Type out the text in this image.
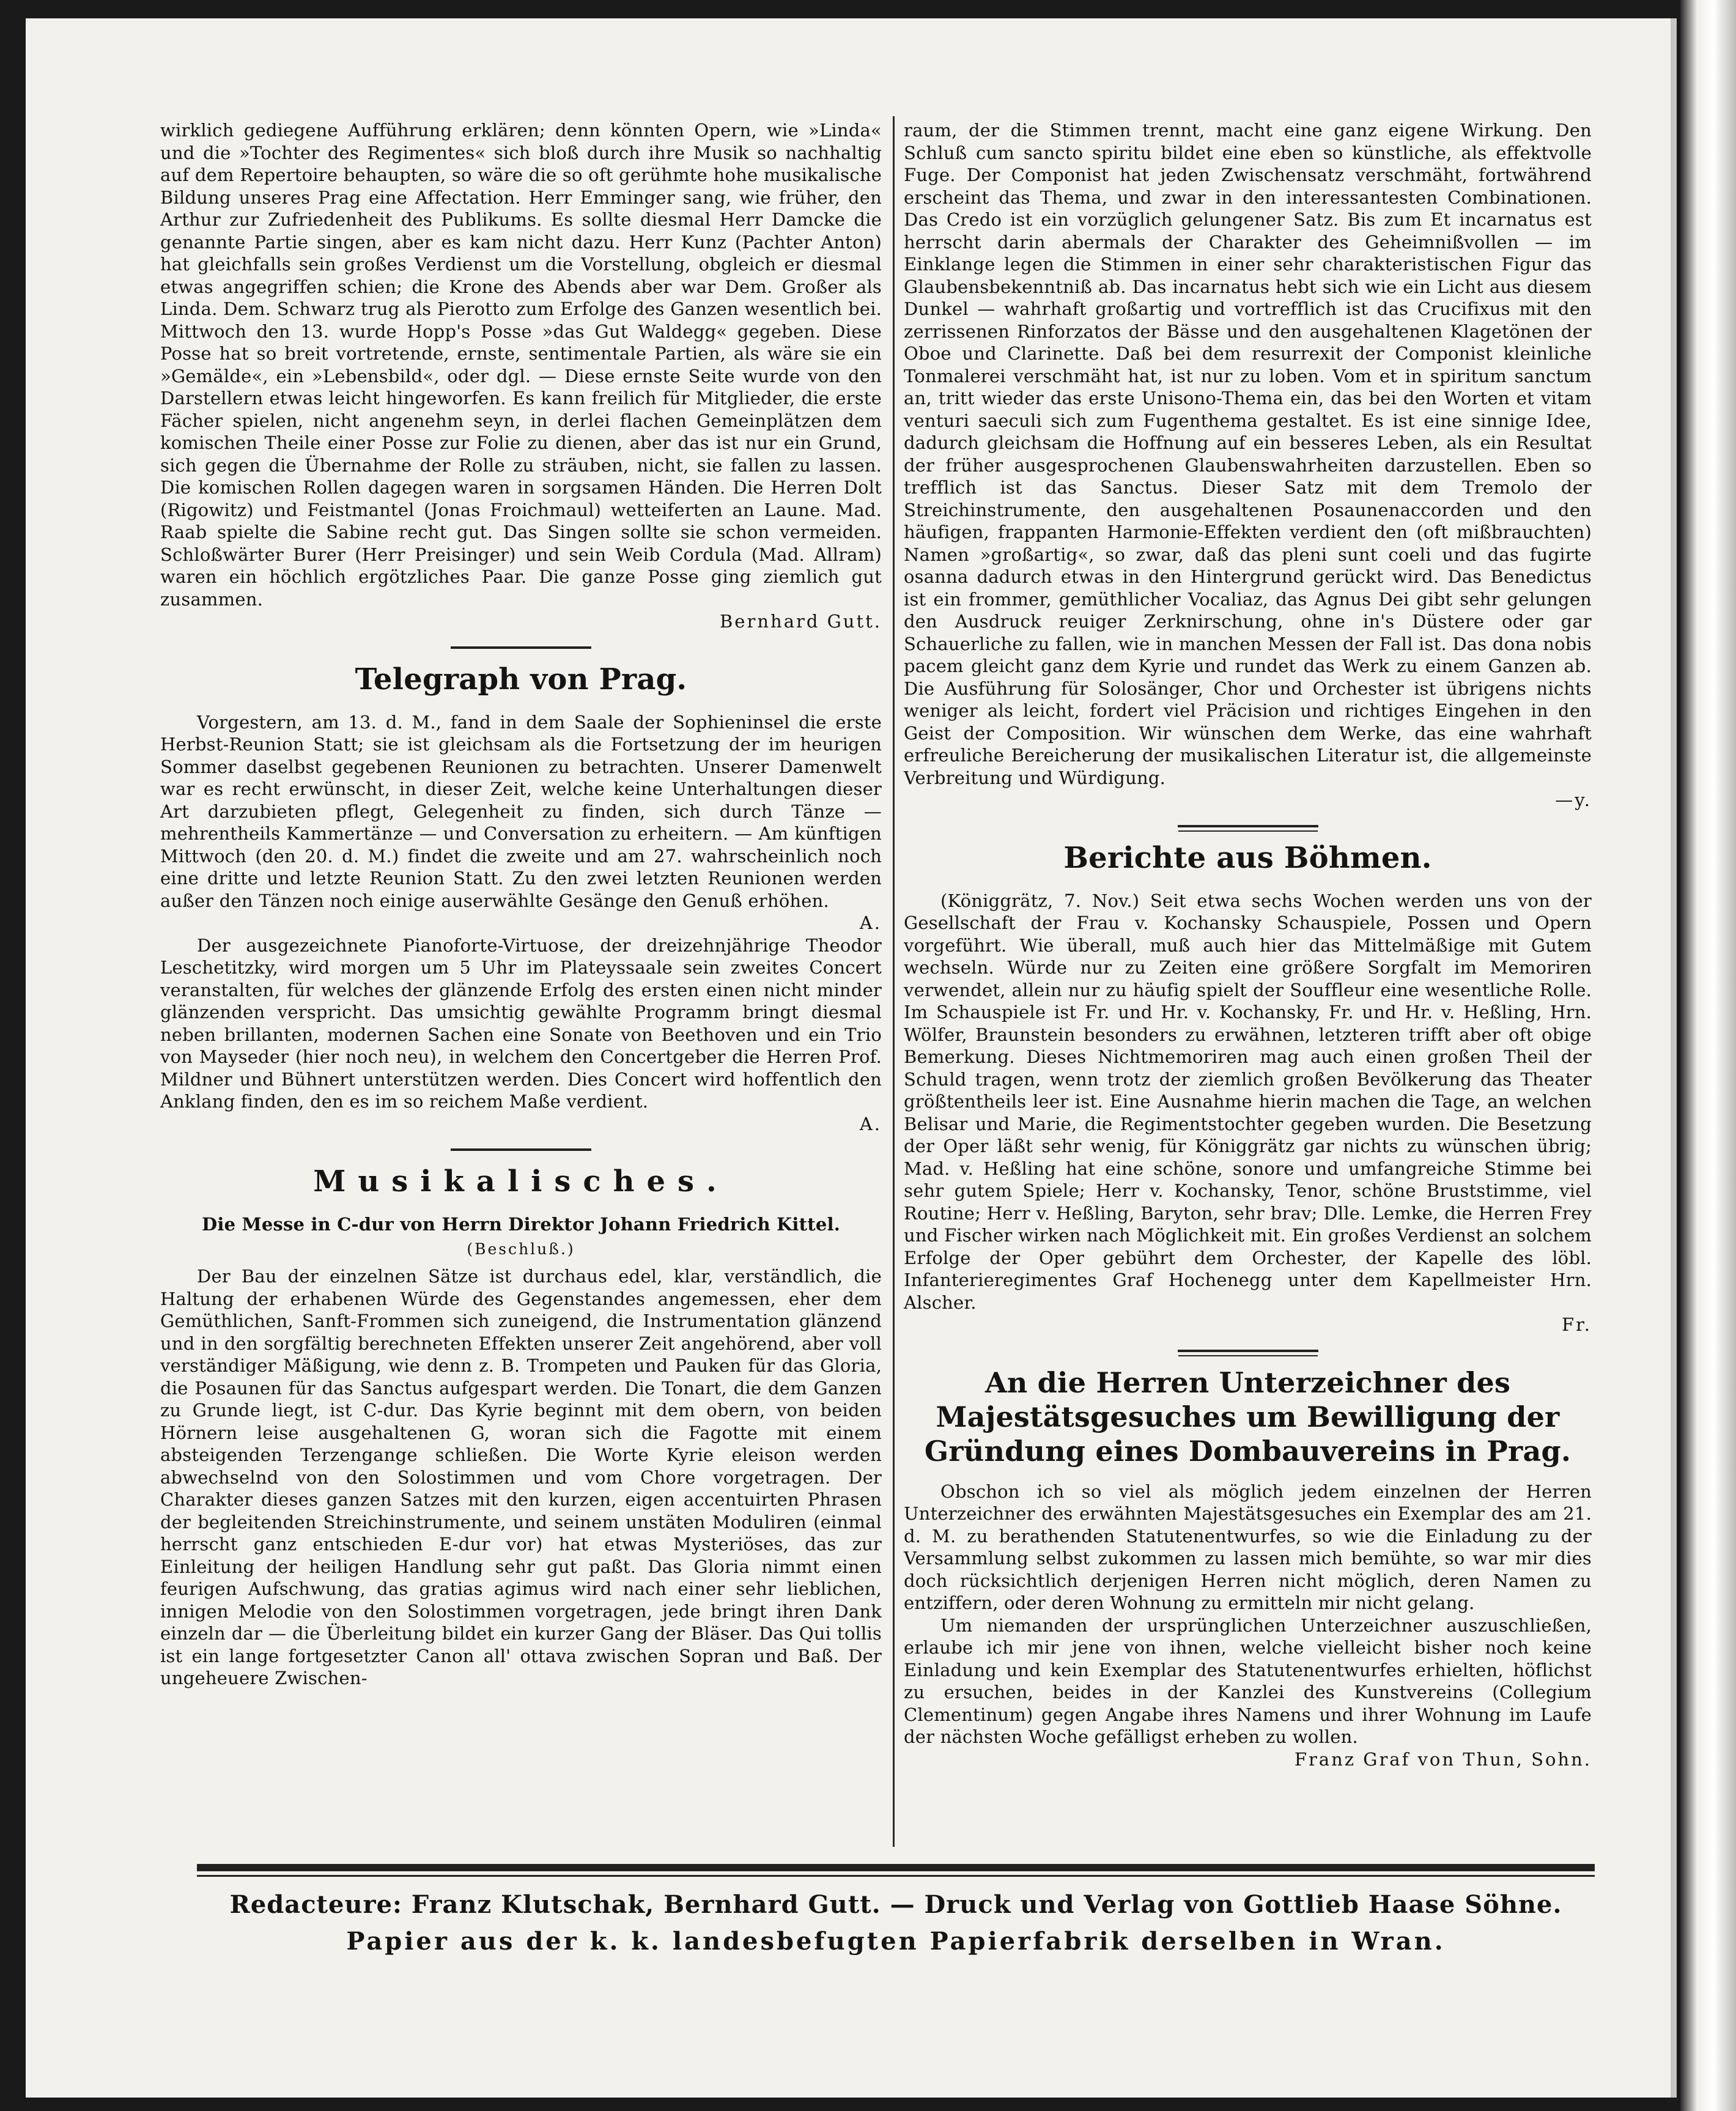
wirklich gediegene Aufführung erklären; denn könnten Opern, wie »Linda« und die »Tochter des Regimentes« sich bloß durch ihre Musik so nachhaltig auf dem Repertoire behaupten, so wäre die so oft gerühmte hohe musikalische Bildung unseres Prag eine Affectation. Herr Emminger sang, wie früher, den Arthur zur Zufriedenheit des Publikums. Es sollte diesmal Herr Damcke die genannte Partie singen, aber es kam nicht dazu. Herr Kunz (Pachter Anton) hat gleichfalls sein großes Verdienst um die Vorstellung, obgleich er diesmal etwas angegriffen schien; die Krone des Abends aber war Dem. Großer als Linda. Dem. Schwarz trug als Pierotto zum Erfolge des Ganzen wesentlich bei. Mittwoch den 13. wurde Hopp's Posse »das Gut Waldegg« gegeben. Diese Posse hat so breit vortretende, ernste, sentimentale Partien, als wäre sie ein »Gemälde«, ein »Lebensbild«, oder dgl. — Diese ernste Seite wurde von den Darstellern etwas leicht hingeworfen. Es kann freilich für Mitglieder, die erste Fächer spielen, nicht angenehm seyn, in derlei flachen Gemeinplätzen dem komischen Theile einer Posse zur Folie zu dienen, aber das ist nur ein Grund, sich gegen die Übernahme der Rolle zu sträuben, nicht, sie fallen zu lassen. Die komischen Rollen dagegen waren in sorgsamen Händen. Die Herren Dolt (Rigowitz) und Feistmantel (Jonas Froichmaul) wetteiferten an Laune. Mad. Raab spielte die Sabine recht gut. Das Singen sollte sie schon vermeiden. Schloßwärter Burer (Herr Preisinger) und sein Weib Cordula (Mad. Allram) waren ein höchlich ergötzliches Paar. Die ganze Posse ging ziemlich gut zusammen.

Bernhard Gutt.

Telegraph von Prag.

Vorgestern, am 13. d. M., fand in dem Saale der Sophieninsel die erste Herbst-Reunion Statt; sie ist gleichsam als die Fortsetzung der im heurigen Sommer daselbst gegebenen Reunionen zu betrachten. Unserer Damenwelt war es recht erwünscht, in dieser Zeit, welche keine Unterhaltungen dieser Art darzubieten pflegt, Gelegenheit zu finden, sich durch Tänze — mehrentheils Kammertänze — und Conversation zu erheitern. — Am künftigen Mittwoch (den 20. d. M.) findet die zweite und am 27. wahrscheinlich noch eine dritte und letzte Reunion Statt. Zu den zwei letzten Reunionen werden außer den Tänzen noch einige auserwählte Gesänge den Genuß erhöhen.

A.

Der ausgezeichnete Pianoforte-Virtuose, der dreizehnjährige Theodor Leschetitzky, wird morgen um 5 Uhr im Plateyssaale sein zweites Concert veranstalten, für welches der glänzende Erfolg des ersten einen nicht minder glänzenden verspricht. Das umsichtig gewählte Programm bringt diesmal neben brillanten, modernen Sachen eine Sonate von Beethoven und ein Trio von Mayseder (hier noch neu), in welchem den Concertgeber die Herren Prof. Mildner und Bühnert unterstützen werden. Dies Concert wird hoffentlich den Anklang finden, den es im so reichem Maße verdient.

A.

Musikalisches.

Die Messe in C-dur von Herrn Direktor Johann Friedrich Kittel.

(Beschluß.)

Der Bau der einzelnen Sätze ist durchaus edel, klar, verständlich, die Haltung der erhabenen Würde des Gegenstandes angemessen, eher dem Gemüthlichen, Sanft-Frommen sich zuneigend, die Instrumentation glänzend und in den sorgfältig berechneten Effekten unserer Zeit angehörend, aber voll verständiger Mäßigung, wie denn z. B. Trompeten und Pauken für das Gloria, die Posaunen für das Sanctus aufgespart werden. Die Tonart, die dem Ganzen zu Grunde liegt, ist C-dur. Das Kyrie beginnt mit dem obern, von beiden Hörnern leise ausgehaltenen G, woran sich die Fagotte mit einem absteigenden Terzengange schließen. Die Worte Kyrie eleison werden abwechselnd von den Solostimmen und vom Chore vorgetragen. Der Charakter dieses ganzen Satzes mit den kurzen, eigen accentuirten Phrasen der begleitenden Streichinstrumente, und seinem unstäten Moduliren (einmal herrscht ganz entschieden E-dur vor) hat etwas Mysteriöses, das zur Einleitung der heiligen Handlung sehr gut paßt. Das Gloria nimmt einen feurigen Aufschwung, das gratias agimus wird nach einer sehr lieblichen, innigen Melodie von den Solostimmen vorgetragen, jede bringt ihren Dank einzeln dar — die Überleitung bildet ein kurzer Gang der Bläser. Das Qui tollis ist ein lange fortgesetzter Canon all' ottava zwischen Sopran und Baß. Der ungeheuere Zwischen-

raum, der die Stimmen trennt, macht eine ganz eigene Wirkung. Den Schluß cum sancto spiritu bildet eine eben so künstliche, als effektvolle Fuge. Der Componist hat jeden Zwischensatz verschmäht, fortwährend erscheint das Thema, und zwar in den interessantesten Combinationen. Das Credo ist ein vorzüglich gelungener Satz. Bis zum Et incarnatus est herrscht darin abermals der Charakter des Geheimnißvollen — im Einklange legen die Stimmen in einer sehr charakteristischen Figur das Glaubensbekenntniß ab. Das incarnatus hebt sich wie ein Licht aus diesem Dunkel — wahrhaft großartig und vortrefflich ist das Crucifixus mit den zerrissenen Rinforzatos der Bässe und den ausgehaltenen Klagetönen der Oboe und Clarinette. Daß bei dem resurrexit der Componist kleinliche Tonmalerei verschmäht hat, ist nur zu loben. Vom et in spiritum sanctum an, tritt wieder das erste Unisono-Thema ein, das bei den Worten et vitam venturi saeculi sich zum Fugenthema gestaltet. Es ist eine sinnige Idee, dadurch gleichsam die Hoffnung auf ein besseres Leben, als ein Resultat der früher ausgesprochenen Glaubenswahrheiten darzustellen. Eben so trefflich ist das Sanctus. Dieser Satz mit dem Tremolo der Streichinstrumente, den ausgehaltenen Posaunenaccorden und den häufigen, frappanten Harmonie-Effekten verdient den (oft mißbrauchten) Namen »großartig«, so zwar, daß das pleni sunt coeli und das fugirte osanna dadurch etwas in den Hintergrund gerückt wird. Das Benedictus ist ein frommer, gemüthlicher Vocaliaz, das Agnus Dei gibt sehr gelungen den Ausdruck reuiger Zerknirschung, ohne in's Düstere oder gar Schauerliche zu fallen, wie in manchen Messen der Fall ist. Das dona nobis pacem gleicht ganz dem Kyrie und rundet das Werk zu einem Ganzen ab. Die Ausführung für Solosänger, Chor und Orchester ist übrigens nichts weniger als leicht, fordert viel Präcision und richtiges Eingehen in den Geist der Composition. Wir wünschen dem Werke, das eine wahrhaft erfreuliche Bereicherung der musikalischen Literatur ist, die allgemeinste Verbreitung und Würdigung.

—y.

Berichte aus Böhmen.

(Königgrätz, 7. Nov.) Seit etwa sechs Wochen werden uns von der Gesellschaft der Frau v. Kochansky Schauspiele, Possen und Opern vorgeführt. Wie überall, muß auch hier das Mittelmäßige mit Gutem wechseln. Würde nur zu Zeiten eine größere Sorgfalt im Memoriren verwendet, allein nur zu häufig spielt der Souffleur eine wesentliche Rolle. Im Schauspiele ist Fr. und Hr. v. Kochansky, Fr. und Hr. v. Heßling, Hrn. Wölfer, Braunstein besonders zu erwähnen, letzteren trifft aber oft obige Bemerkung. Dieses Nichtmemoriren mag auch einen großen Theil der Schuld tragen, wenn trotz der ziemlich großen Bevölkerung das Theater größtentheils leer ist. Eine Ausnahme hierin machen die Tage, an welchen Belisar und Marie, die Regimentstochter gegeben wurden. Die Besetzung der Oper läßt sehr wenig, für Königgrätz gar nichts zu wünschen übrig; Mad. v. Heßling hat eine schöne, sonore und umfangreiche Stimme bei sehr gutem Spiele; Herr v. Kochansky, Tenor, schöne Bruststimme, viel Routine; Herr v. Heßling, Baryton, sehr brav; Dlle. Lemke, die Herren Frey und Fischer wirken nach Möglichkeit mit. Ein großes Verdienst an solchem Erfolge der Oper gebührt dem Orchester, der Kapelle des löbl. Infanterieregimentes Graf Hochenegg unter dem Kapellmeister Hrn. Alscher.

Fr.

An die Herren Unterzeichner des Majestätsgesuches um Bewilligung der Gründung eines Dombauvereins in Prag.

Obschon ich so viel als möglich jedem einzelnen der Herren Unterzeichner des erwähnten Majestätsgesuches ein Exemplar des am 21. d. M. zu berathenden Statutenentwurfes, so wie die Einladung zu der Versammlung selbst zukommen zu lassen mich bemühte, so war mir dies doch rücksichtlich derjenigen Herren nicht möglich, deren Namen zu entziffern, oder deren Wohnung zu ermitteln mir nicht gelang.

Um niemanden der ursprünglichen Unterzeichner auszuschließen, erlaube ich mir jene von ihnen, welche vielleicht bisher noch keine Einladung und kein Exemplar des Statutenentwurfes erhielten, höflichst zu ersuchen, beides in der Kanzlei des Kunstvereins (Collegium Clementinum) gegen Angabe ihres Namens und ihrer Wohnung im Laufe der nächsten Woche gefälligst erheben zu wollen.

Franz Graf von Thun, Sohn.

Redacteure: Franz Klutschak, Bernhard Gutt. — Druck und Verlag von Gottlieb Haase Söhne.
Papier aus der k. k. landesbefugten Papierfabrik derselben in Wran.
